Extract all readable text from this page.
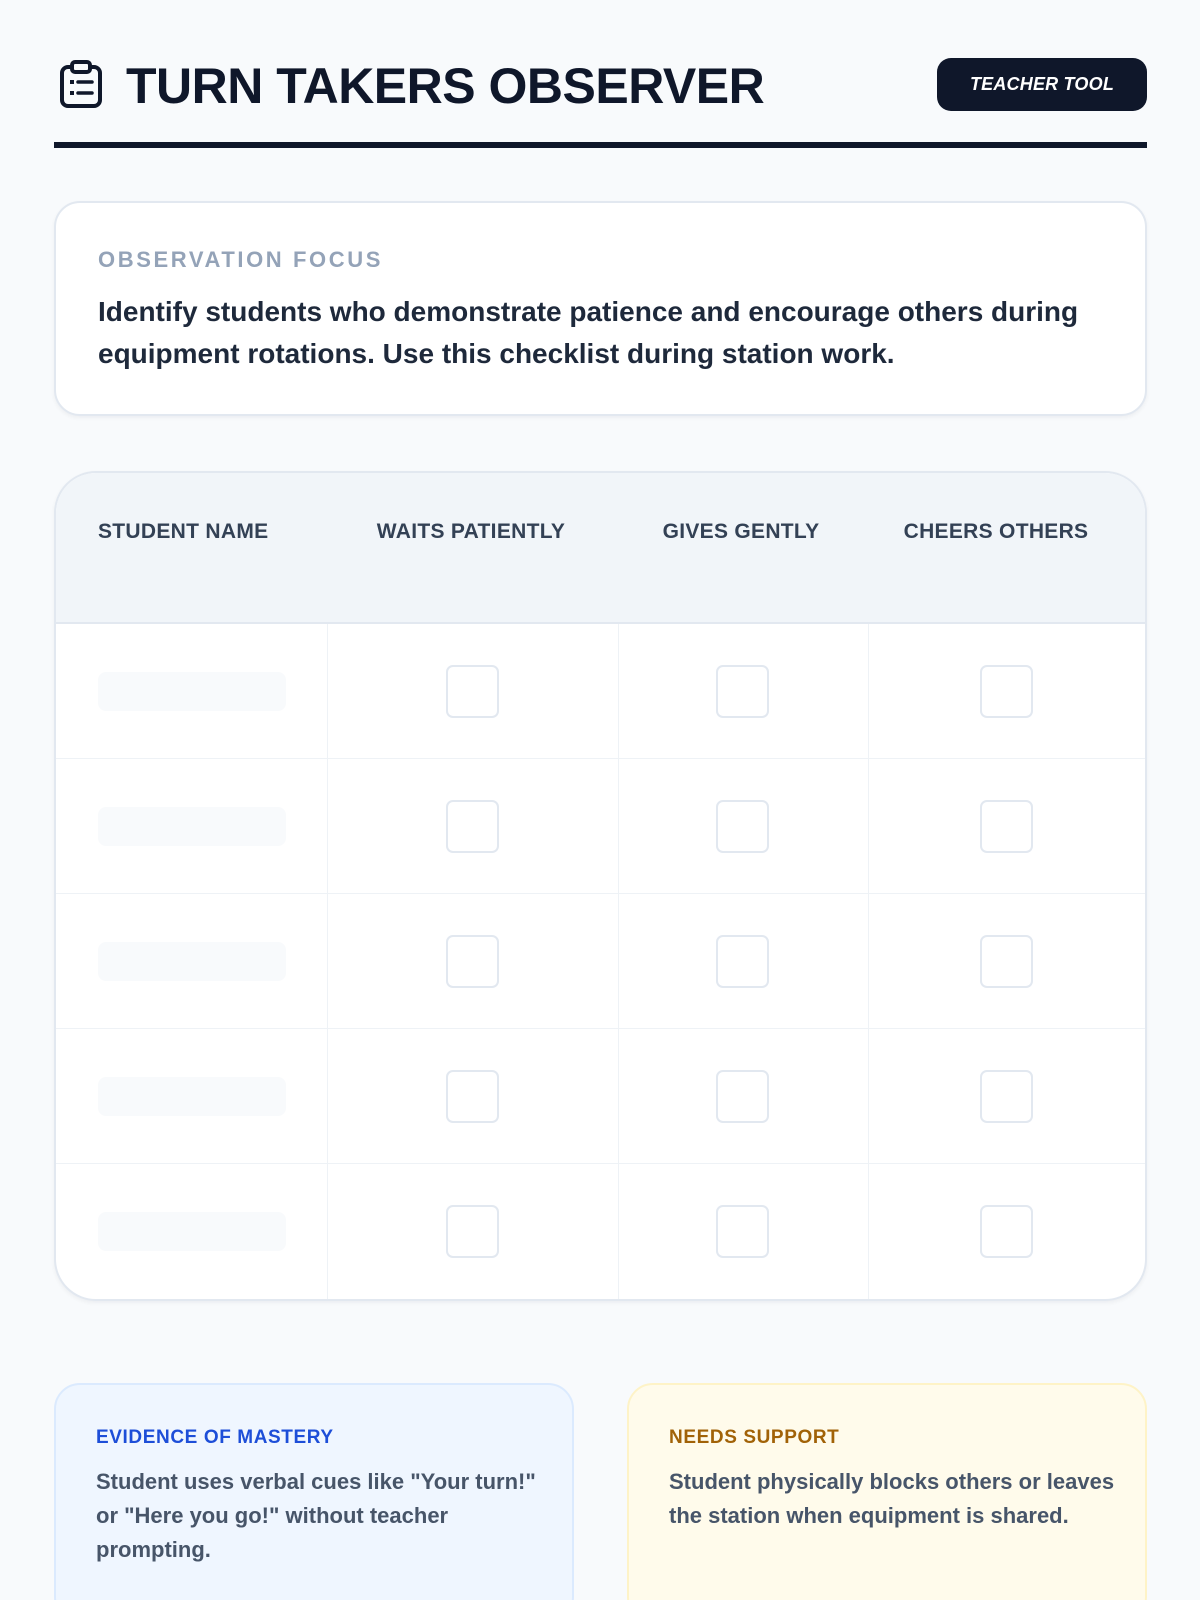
TURN TAKERS OBSERVER	TEACHER TOOL
OBSERVATION FOCUS
Identify students who demonstrate patience and encourage others during equipment rotations. Use this checklist during station work.
STUDENT NAME	WAITS PATIENTLY	GIVES GENTLY	CHEERS OTHERS
EVIDENCE OF MASTERY
Student uses verbal cues like "Your turn!" or "Here you go!" without teacher prompting.
NEEDS SUPPORT
Student physically blocks others or leaves the station when equipment is shared.
